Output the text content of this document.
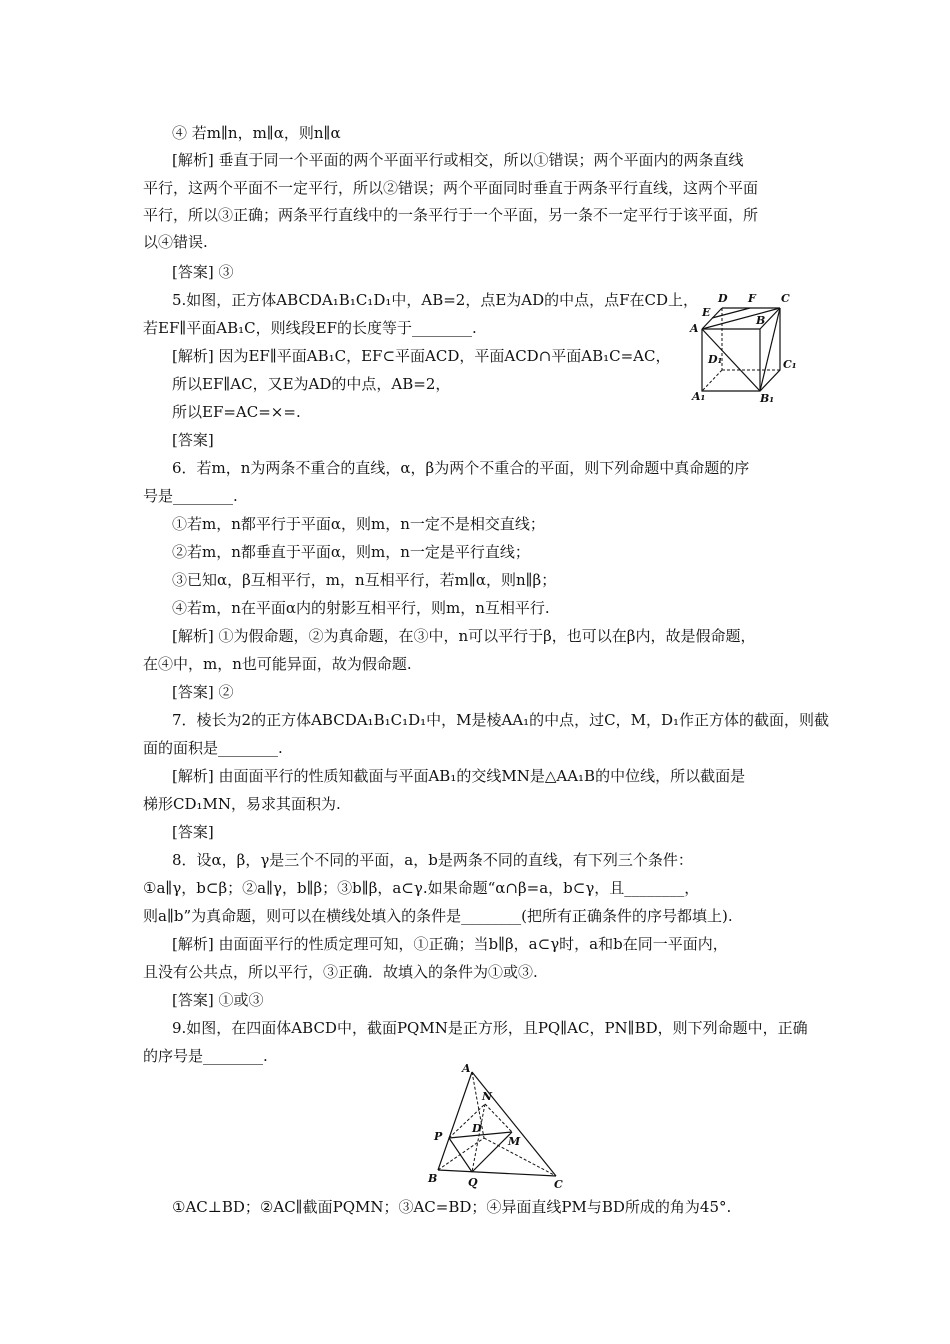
④ 若m∥n，m∥α，则n∥α
[解析] 垂直于同一个平面的两个平面平行或相交，所以①错误；两个平面内的两条直线
平行，这两个平面不一定平行，所以②错误；两个平面同时垂直于两条平行直线，这两个平面
平行，所以③正确；两条平行直线中的一条平行于一个平面，另一条不一定平行于该平面，所
以④错误.
[答案] ③
5.如图，正方体ABCDA₁B₁C₁D₁中，AB=2，点E为AD的中点，点F在CD上，
若EF∥平面AB₁C，则线段EF的长度等于________.
[解析] 因为EF∥平面AB₁C，EF⊂平面ACD，平面ACD∩平面AB₁C=AC，
所以EF∥AC，又E为AD的中点，AB=2，
所以EF=AC=×=.
[答案]
D F C
A
E
B
D₁	C₁
A₁	B₁
6．若m，n为两条不重合的直线，α，β为两个不重合的平面，则下列命题中真命题的序
号是________.
①若m，n都平行于平面α，则m，n一定不是相交直线；
②若m，n都垂直于平面α，则m，n一定是平行直线；
③已知α，β互相平行，m，n互相平行，若m∥α，则n∥β；
④若m，n在平面α内的射影互相平行，则m，n互相平行.
[解析] ①为假命题，②为真命题，在③中，n可以平行于β，也可以在β内，故是假命题，
在④中，m，n也可能异面，故为假命题.
[答案] ②
7．棱长为2的正方体ABCDA₁B₁C₁D₁中，M是棱AA₁的中点，过C，M，D₁作正方体的截面，则截
面的面积是________.
[解析] 由面面平行的性质知截面与平面AB₁的交线MN是△AA₁B的中位线，所以截面是
梯形CD₁MN，易求其面积为.
[答案]
8．设α，β，γ是三个不同的平面，a，b是两条不同的直线，有下列三个条件：
①a∥γ，b⊂β；②a∥γ，b∥β；③b∥β，a⊂γ.如果命题“α∩β=a，b⊂γ，且________，
则a∥b”为真命题，则可以在横线处填入的条件是________(把所有正确条件的序号都填上).
[解析] 由面面平行的性质定理可知，①正确；当b∥β，a⊂γ时，a和b在同一平面内，
且没有公共点，所以平行，③正确．故填入的条件为①或③.
[答案] ①或③
9.如图，在四面体ABCD中，截面PQMN是正方形，且PQ∥AC，PN∥BD，则下列命题中，正确
的序号是________.
A
N
D
P	M
B	Q	C
①AC⊥BD；②AC∥截面PQMN；③AC=BD；④异面直线PM与BD所成的角为45°.
